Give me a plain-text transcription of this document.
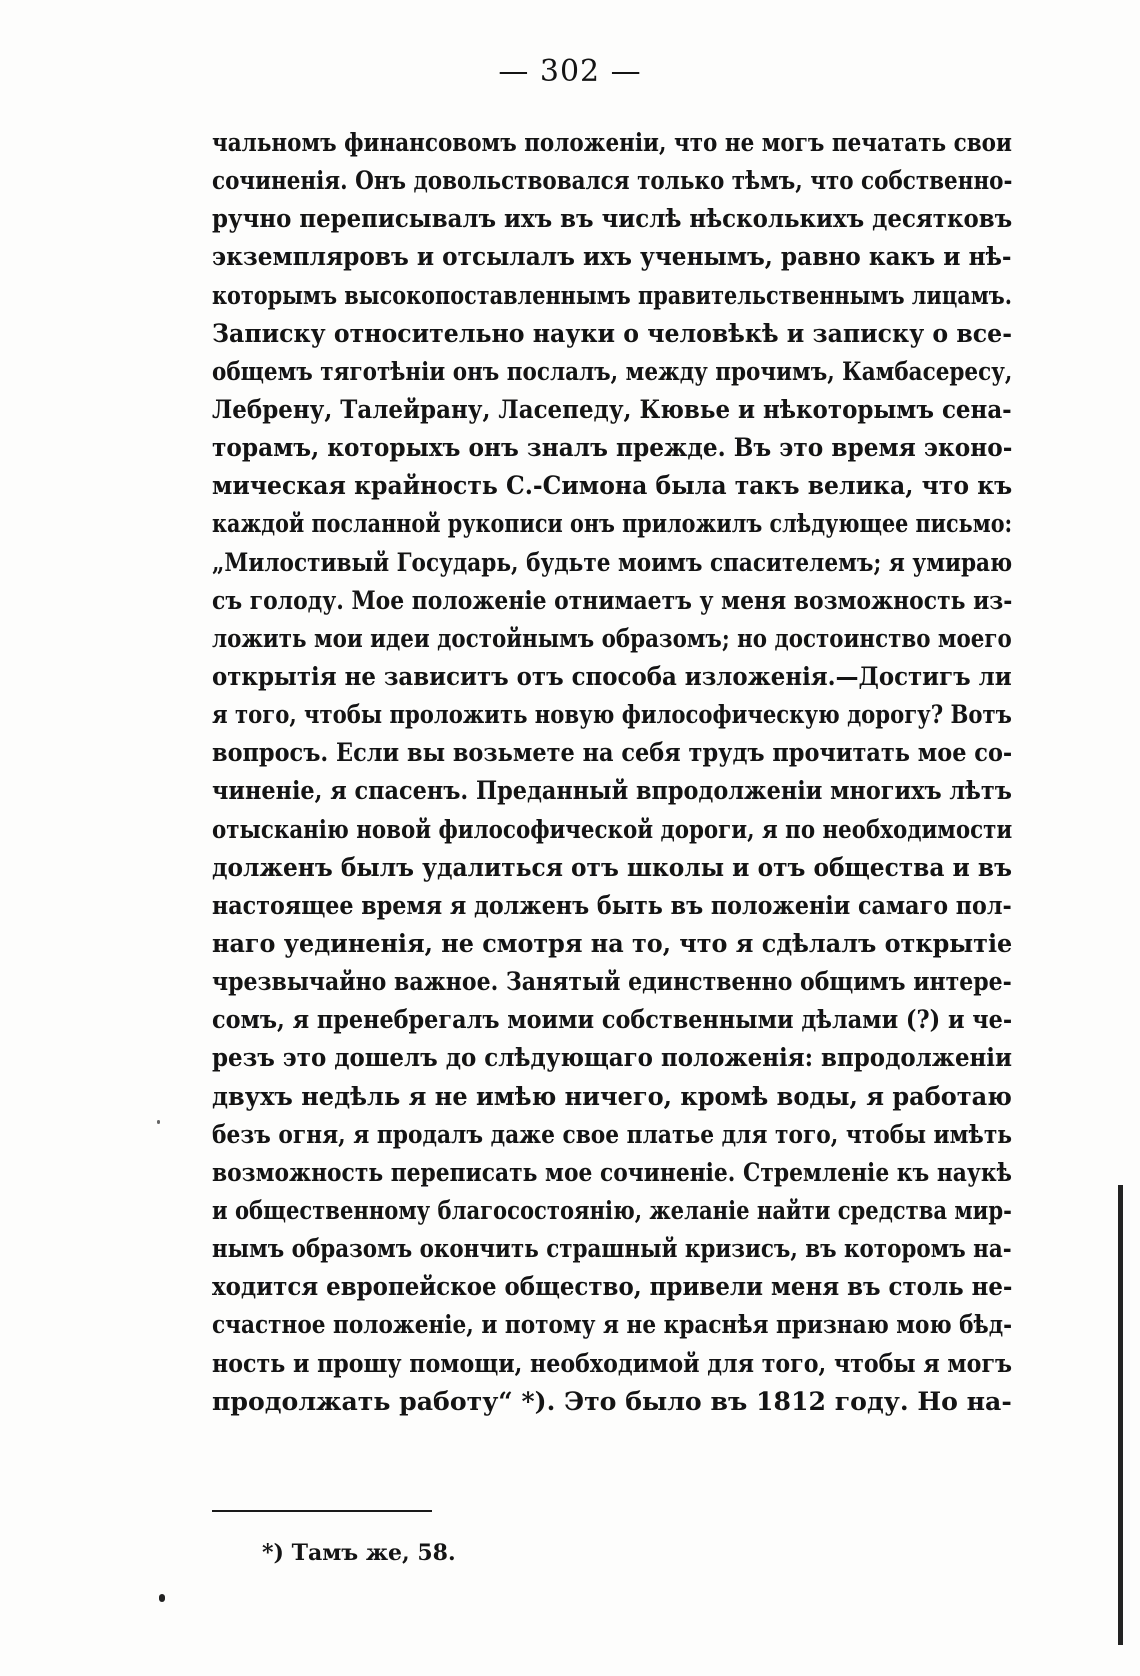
— 302 —
чальномъ финансовомъ положенiи, что не могъ печатать свои
сочиненiя. Онъ довольствовался только тѣмъ, что собственно-
ручно переписывалъ ихъ въ числѣ нѣсколькихъ десятковъ
экземпляровъ и отсылалъ ихъ ученымъ, равно какъ и нѣ-
которымъ высокопоставленнымъ правительственнымъ лицамъ.
Записку относительно науки о человѣкѣ и записку о все-
общемъ тяготѣнiи онъ послалъ, между прочимъ, Камбасересу,
Лебрену, Талейрану, Ласепеду, Кювье и нѣкоторымъ сена-
торамъ, которыхъ онъ зналъ прежде. Въ это время эконо-
мическая крайность С.-Симона была такъ велика, что къ
каждой посланной рукописи онъ приложилъ слѣдующее письмо:
„Милостивый Государь, будьте моимъ спасителемъ; я умираю
съ голоду. Мое положенiе отнимаетъ у меня возможность из-
ложить мои идеи достойнымъ образомъ; но достоинство моего
открытiя не зависитъ отъ способа изложенiя.—Достигъ ли
я того, чтобы проложить новую философическую дорогу? Вотъ
вопросъ. Если вы возьмете на себя трудъ прочитать мое со-
чиненiе, я спасенъ. Преданный впродолженiи многихъ лѣтъ
отысканiю новой философической дороги, я по необходимости
долженъ былъ удалиться отъ школы и отъ общества и въ
настоящее время я долженъ быть въ положенiи самаго пол-
наго уединенiя, не смотря на то, что я сдѣлалъ открытiе
чрезвычайно важное. Занятый единственно общимъ интере-
сомъ, я пренебрегалъ моими собственными дѣлами (?) и че-
резъ это дошелъ до слѣдующаго положенiя: впродолженiи
двухъ недѣль я не имѣю ничего, кромѣ воды, я работаю
безъ огня, я продалъ даже свое платье для того, чтобы имѣть
возможность переписать мое сочиненiе. Стремленiе къ наукѣ
и общественному благосостоянiю, желанiе найти средства мир-
нымъ образомъ окончить страшный кризисъ, въ которомъ на-
ходится европейское общество, привели меня въ столь не-
счастное положенiе, и потому я не краснѣя признаю мою бѣд-
ность и прошу помощи, необходимой для того, чтобы я могъ
продолжать работу“ *). Это было въ 1812 году. Но на-
*) Тамъ же, 58.
